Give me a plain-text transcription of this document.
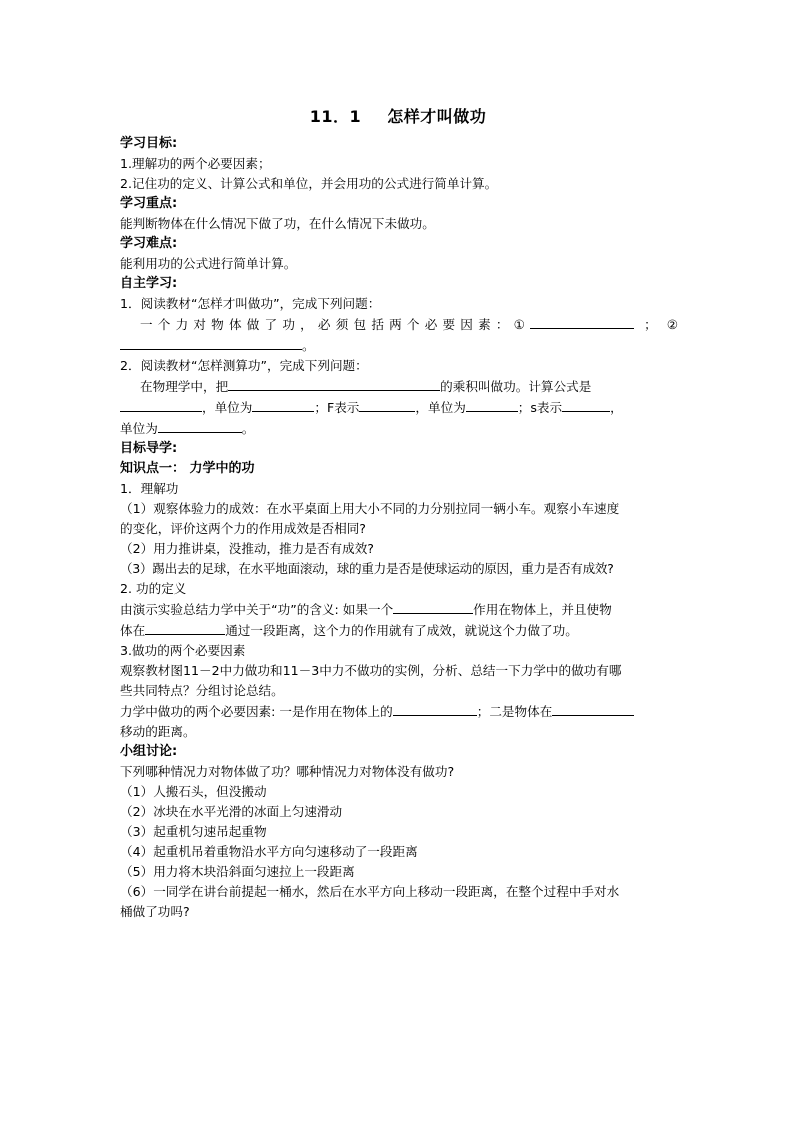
11．1 怎样才叫做功
学习目标:
1.理解功的两个必要因素；
2.记住功的定义、计算公式和单位，并会用功的公式进行简单计算。
学习重点:
能判断物体在什么情况下做了功，在什么情况下未做功。
学习难点:
能利用功的公式进行简单计算。
自主学习:
1．阅读教材“怎样才叫做功”，完成下列问题：
一个力对物体做了功，必须包括两个必要因素：①	；②
。
2．阅读教材“怎样测算功”，完成下列问题：
在物理学中，把	的乘积叫做功。计算公式是
，单位为	；F表示	，单位为	；s表示	，
单位为	。
目标导学:
知识点一： 力学中的功
1．理解功
（1）观察体验力的成效：在水平桌面上用大小不同的力分别拉同一辆小车。观察小车速度
的变化，评价这两个力的作用成效是否相同?
（2）用力推讲桌，没推动，推力是否有成效?
（3）踢出去的足球，在水平地面滚动，球的重力是否是使球运动的原因，重力是否有成效?
2. 功的定义
由演示实验总结力学中关于“功”的含义: 如果一个	作用在物体上，并且使物
体在	通过一段距离，这个力的作用就有了成效，就说这个力做了功。
3.做功的两个必要因素
观察教材图11－2中力做功和11－3中力不做功的实例，分析、总结一下力学中的做功有哪
些共同特点？分组讨论总结。
力学中做功的两个必要因素: 一是作用在物体上的	；二是物体在
移动的距离。
小组讨论:
下列哪种情况力对物体做了功？哪种情况力对物体没有做功?
（1）人搬石头，但没搬动
（2）冰块在水平光滑的冰面上匀速滑动
（3）起重机匀速吊起重物
（4）起重机吊着重物沿水平方向匀速移动了一段距离
（5）用力将木块沿斜面匀速拉上一段距离
（6）一同学在讲台前提起一桶水，然后在水平方向上移动一段距离，在整个过程中手对水
桶做了功吗?
